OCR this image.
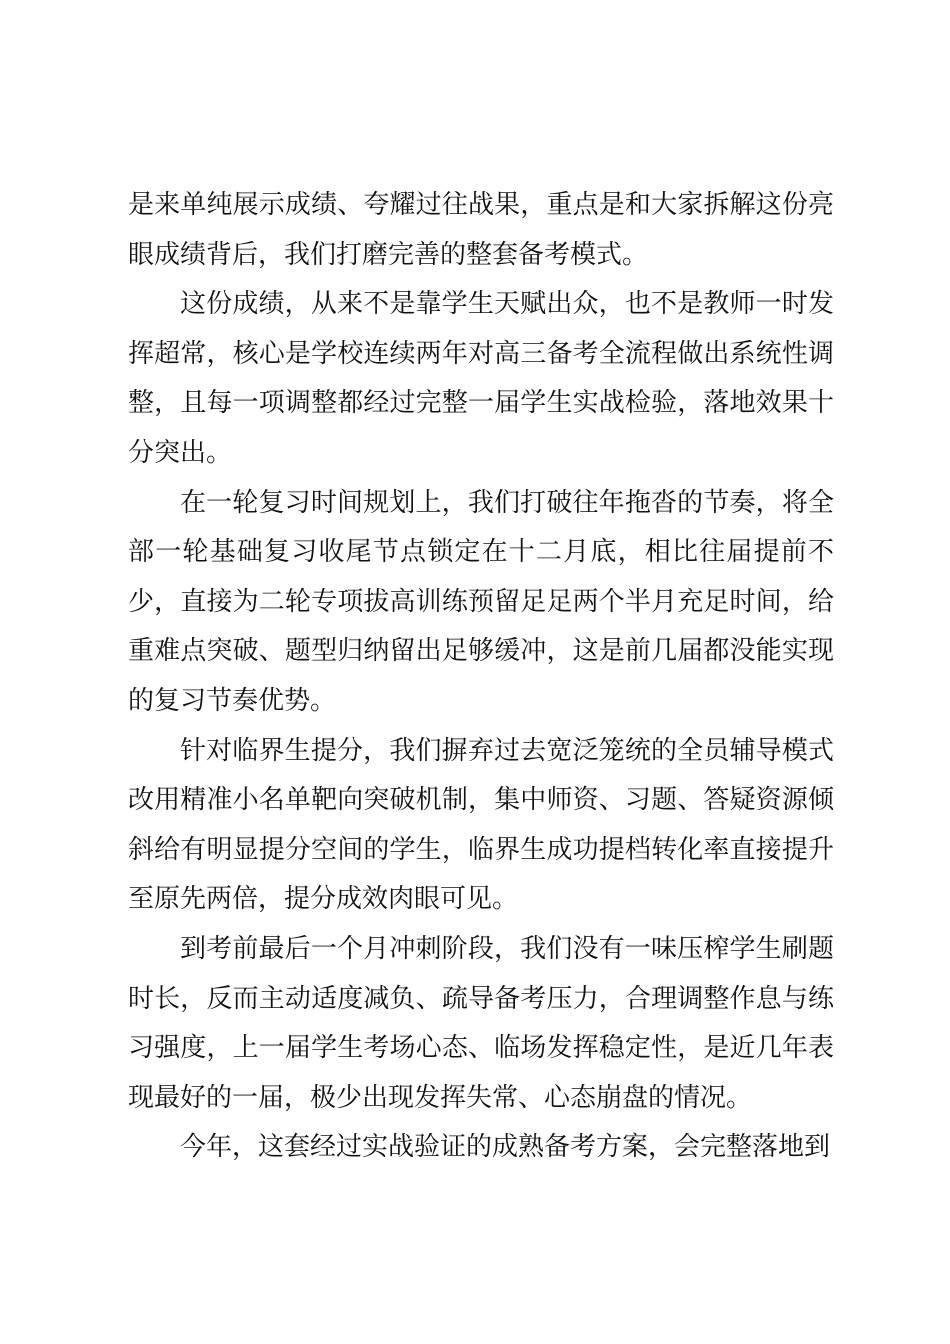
是来单纯展示成绩、夸耀过往战果，重点是和大家拆解这份亮眼成绩背后，我们打磨完善的整套备考模式。

这份成绩，从来不是靠学生天赋出众，也不是教师一时发挥超常，核心是学校连续两年对高三备考全流程做出系统性调整，且每一项调整都经过完整一届学生实战检验，落地效果十分突出。

在一轮复习时间规划上，我们打破往年拖沓的节奏，将全部一轮基础复习收尾节点锁定在十二月底，相比往届提前不少，直接为二轮专项拔高训练预留足足两个半月充足时间，给重难点突破、题型归纳留出足够缓冲，这是前几届都没能实现的复习节奏优势。

针对临界生提分，我们摒弃过去宽泛笼统的全员辅导模式改用精准小名单靶向突破机制，集中师资、习题、答疑资源倾斜给有明显提分空间的学生，临界生成功提档转化率直接提升至原先两倍，提分成效肉眼可见。

到考前最后一个月冲刺阶段，我们没有一味压榨学生刷题时长，反而主动适度减负、疏导备考压力，合理调整作息与练习强度，上一届学生考场心态、临场发挥稳定性，是近几年表现最好的一届，极少出现发挥失常、心态崩盘的情况。

今年，这套经过实战验证的成熟备考方案，会完整落地到
